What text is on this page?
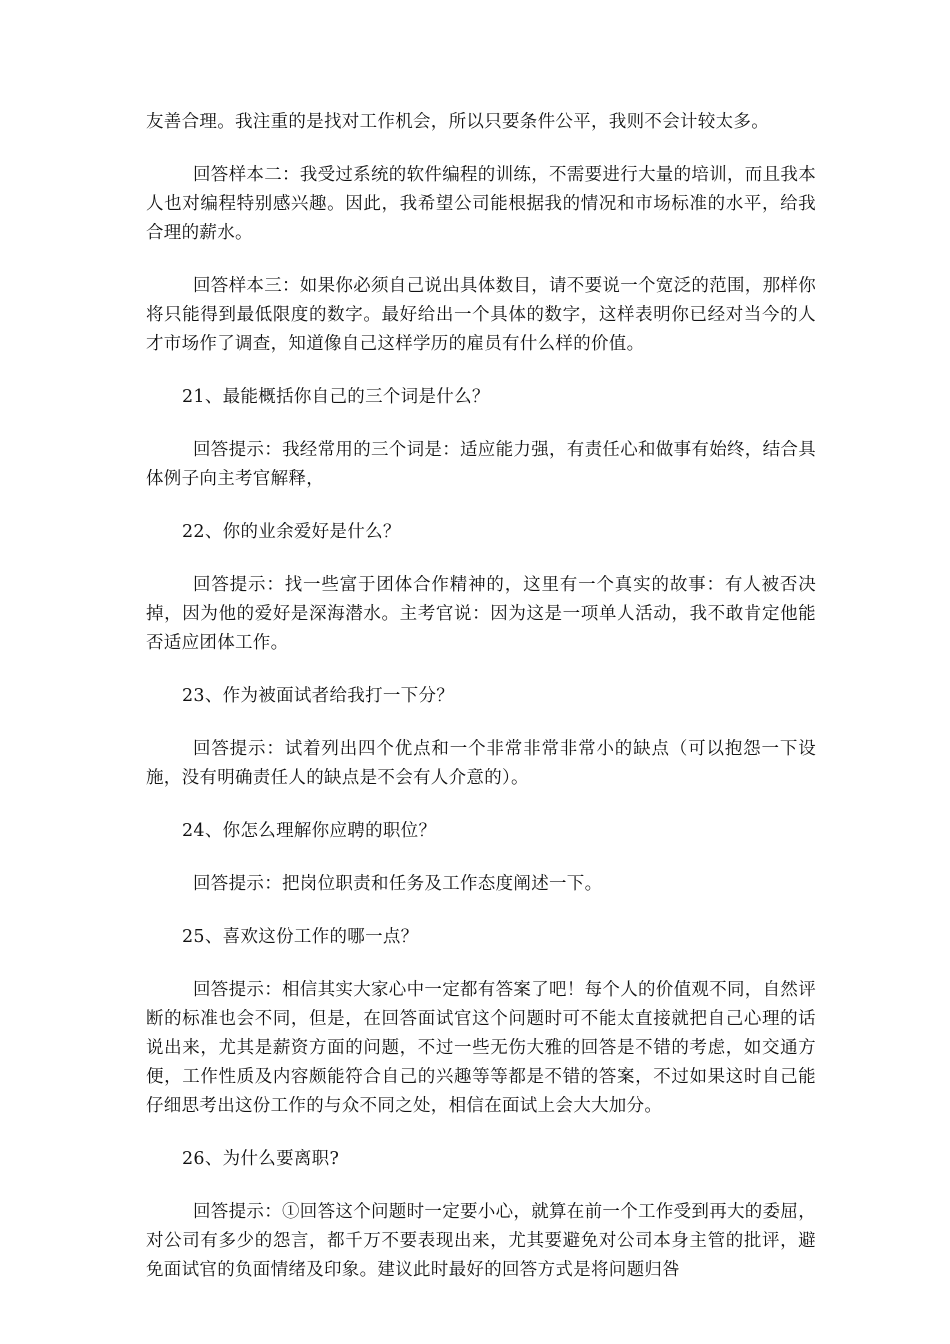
友善合理。我注重的是找对工作机会，所以只要条件公平，我则不会计较太多。

回答样本二：我受过系统的软件编程的训练，不需要进行大量的培训，而且我本人也对编程特别感兴趣。因此，我希望公司能根据我的情况和市场标准的水平，给我合理的薪水。

回答样本三：如果你必须自己说出具体数目，请不要说一个宽泛的范围，那样你将只能得到最低限度的数字。最好给出一个具体的数字，这样表明你已经对当今的人才市场作了调查，知道像自己这样学历的雇员有什么样的价值。

21、最能概括你自己的三个词是什么？

回答提示：我经常用的三个词是：适应能力强，有责任心和做事有始终，结合具体例子向主考官解释，

22、你的业余爱好是什么？

回答提示：找一些富于团体合作精神的，这里有一个真实的故事：有人被否决掉，因为他的爱好是深海潜水。主考官说：因为这是一项单人活动，我不敢肯定他能否适应团体工作。

23、作为被面试者给我打一下分？

回答提示：试着列出四个优点和一个非常非常非常小的缺点（可以抱怨一下设施，没有明确责任人的缺点是不会有人介意的）。

24、你怎么理解你应聘的职位？

回答提示：把岗位职责和任务及工作态度阐述一下。

25、喜欢这份工作的哪一点？

回答提示：相信其实大家心中一定都有答案了吧！每个人的价值观不同，自然评断的标准也会不同，但是，在回答面试官这个问题时可不能太直接就把自己心理的话说出来，尤其是薪资方面的问题，不过一些无伤大雅的回答是不错的考虑，如交通方便，工作性质及内容颇能符合自己的兴趣等等都是不错的答案，不过如果这时自己能仔细思考出这份工作的与众不同之处，相信在面试上会大大加分。

26、为什么要离职?

回答提示：①回答这个问题时一定要小心，就算在前一个工作受到再大的委屈，对公司有多少的怨言，都千万不要表现出来，尤其要避免对公司本身主管的批评，避免面试官的负面情绪及印象。建议此时最好的回答方式是将问题归咎
